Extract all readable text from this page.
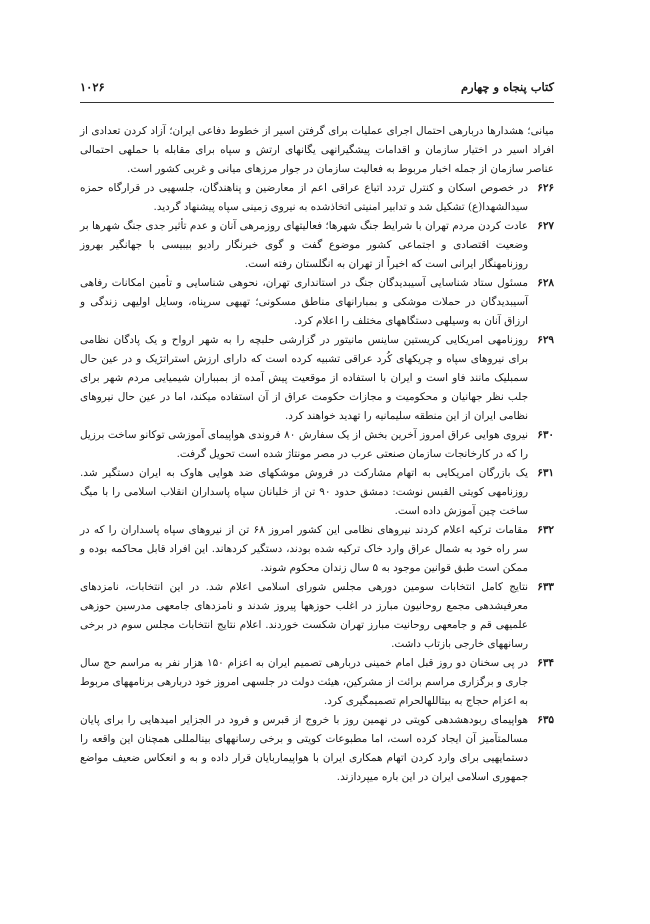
کتاب پنجاه و چهارم
۱۰۲۶

میانی؛ هشدارها دربارهی احتمال اجرای عملیات برای گرفتن اسیر از خطوط دفاعی ایران؛ آزاد کردن تعدادی از افراد اسیر در اختیار سازمان و اقدامات پیشگیرانهی یگانهای ارتش و سپاه برای مقابله با حملهی احتمالی عناصر سازمان از جمله اخبار مربوط به فعالیت سازمان در جوار مرزهای میانی و غربی کشور است.

۶۲۶
در خصوص اسکان و کنترل تردد اتباع عراقی اعم از معارضین و پناهندگان، جلسهیی در قرارگاه حمزه سیدالشهدا(ع) تشکیل شد و تدابیر امنیتی اتخاذشده به نیروی زمینی سپاه پیشنهاد گردید.
۶۲۷
عادت کردن مردم تهران با شرایط جنگ شهرها؛ فعالیتهای روزمرهی آنان و عدم تأثیر جدی جنگ شهرها بر وضعیت اقتصادی و اجتماعی کشور موضوع گفت و گوی خبرنگار رادیو بیبیسی با جهانگیر بهروز روزنامهنگار ایرانی است که اخیراً از تهران به انگلستان رفته است.
۶۲۸
مسئول ستاد شناسایی آسیبدیدگان جنگ در استانداری تهران، نحوهی شناسایی و تأمین امکانات رفاهی آسیبدیدگان در حملات موشکی و بمبارانهای مناطق مسکونی؛ تهیهی سرپناه، وسایل اولیهی زندگی و ارزاق آنان به وسیلهی دستگاههای مختلف را اعلام کرد.
۶۲۹
روزنامهی امریکایی کریستین ساینس مانیتور در گزارشی حلبچه را به شهر ارواح و یک پادگان نظامی برای نیروهای سپاه و چریکهای کُرد عراقی تشبیه کرده است که دارای ارزش استراتژیک و در عین حال سمبلیک مانند فاو است و ایران با استفاده از موقعیت پیش آمده از بمبباران شیمیایی مردم شهر برای جلب نظر جهانیان و محکومیت و مجازات حکومت عراق از آن استفاده میکند، اما در عین حال نیروهای نظامی ایران از این منطقه سلیمانیه را تهدید خواهند کرد.
۶۳۰
نیروی هوایی عراق امروز آخرین بخش از یک سفارش ۸۰ فروندی هواپیمای آموزشی توکانو ساخت برزیل را که در کارخانجات سازمان صنعتی عرب در مصر مونتاژ شده است تحویل گرفت.
۶۳۱
یک بازرگان امریکایی به اتهام مشارکت در فروش موشکهای ضد هوایی هاوک به ایران دستگیر شد. روزنامهی کویتی القبس نوشت: دمشق حدود ۹۰ تن از خلبانان سپاه پاسداران انقلاب اسلامی را با میگ ساخت چین آموزش داده است.
۶۳۲
مقامات ترکیه اعلام کردند نیروهای نظامی این کشور امروز ۶۸ تن از نیروهای سپاه پاسداران را که در سر راه خود به شمال عراق وارد خاک ترکیه شده بودند، دستگیر کردهاند. این افراد قابل محاکمه بوده و ممکن است طبق قوانین موجود به ۵ سال زندان محکوم شوند.
۶۳۳
نتایج کامل انتخابات سومین دورهی مجلس شورای اسلامی اعلام شد. در این انتخابات، نامزدهای معرفیشدهی مجمع روحانیون مبارز در اغلب حوزهها پیروز شدند و نامزدهای جامعهی مدرسین حوزهی علمیهی قم و جامعهی روحانیت مبارز تهران شکست خوردند. اعلام نتایج انتخابات مجلس سوم در برخی رسانههای خارجی بازتاب داشت.
۶۳۴
در پی سخنان دو روز قبل امام خمینی دربارهی تصمیم ایران به اعزام ۱۵۰ هزار نفر به مراسم حج سال جاری و برگزاری مراسم برائت از مشرکین، هیئت دولت در جلسهی امروز خود دربارهی برنامههای مربوط به اعزام حجاج به بیتاللهالحرام تصمیمگیری کرد.
۶۳۵
هواپیمای ربودهشدهی کویتی در نهمین روز با خروج از قبرس و فرود در الجزایر امیدهایی را برای پایان مسالمتآمیز آن ایجاد کرده است، اما مطبوعات کویتی و برخی رسانههای بینالمللی همچنان این واقعه را دستمایهیی برای وارد کردن اتهام همکاری ایران با هواپیماربایان قرار داده و به و انعکاس ضعیف مواضع جمهوری اسلامی ایران در این باره میپردازند.
